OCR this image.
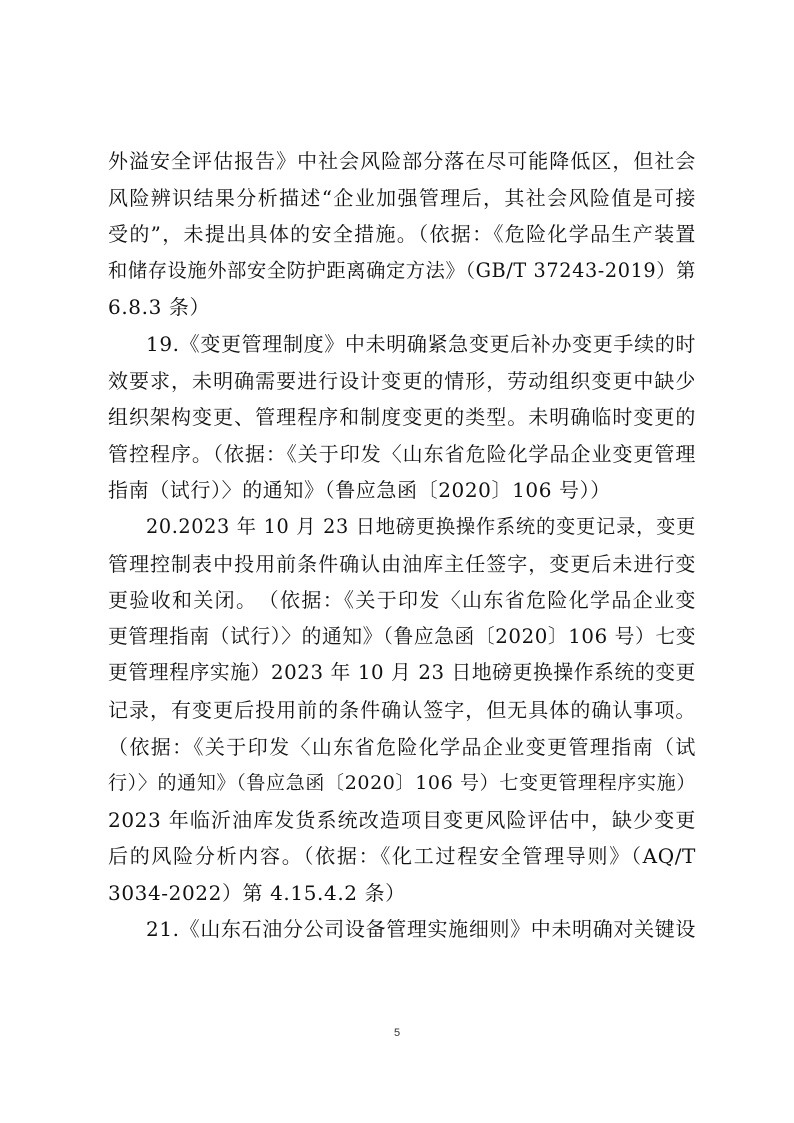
外溢安全评估报告》中社会风险部分落在尽可能降低区，但社会
风险辨识结果分析描述“企业加强管理后，其社会风险值是可接
受的”，未提出具体的安全措施。（依据：《危险化学品生产装置
和储存设施外部安全防护距离确定方法》（GB/T 37243-2019）第
6.8.3 条）
19.《变更管理制度》中未明确紧急变更后补办变更手续的时
效要求，未明确需要进行设计变更的情形，劳动组织变更中缺少
组织架构变更、管理程序和制度变更的类型。未明确临时变更的
管控程序。（依据：《关于印发〈山东省危险化学品企业变更管理
指南（试行）〉的通知》（鲁应急函〔2020〕106 号））
20.2023 年 10 月 23 日地磅更换操作系统的变更记录，变更
管理控制表中投用前条件确认由油库主任签字，变更后未进行变
更验收和关闭。　（依据：《关于印发〈山东省危险化学品企业变
更管理指南（试行）〉的通知》（鲁应急函〔2020〕106 号）七变
更管理程序实施）2023 年 10 月 23 日地磅更换操作系统的变更
记录，有变更后投用前的条件确认签字，但无具体的确认事项。
（依据：《关于印发〈山东省危险化学品企业变更管理指南（试
行）〉的通知》（鲁应急函〔2020〕106 号）七变更管理程序实施）
2023 年临沂油库发货系统改造项目变更风险评估中，缺少变更
后的风险分析内容。（依据：《化工过程安全管理导则》（AQ/T
3034-2022）第 4.15.4.2 条）
21.《山东石油分公司设备管理实施细则》中未明确对关键设
5
